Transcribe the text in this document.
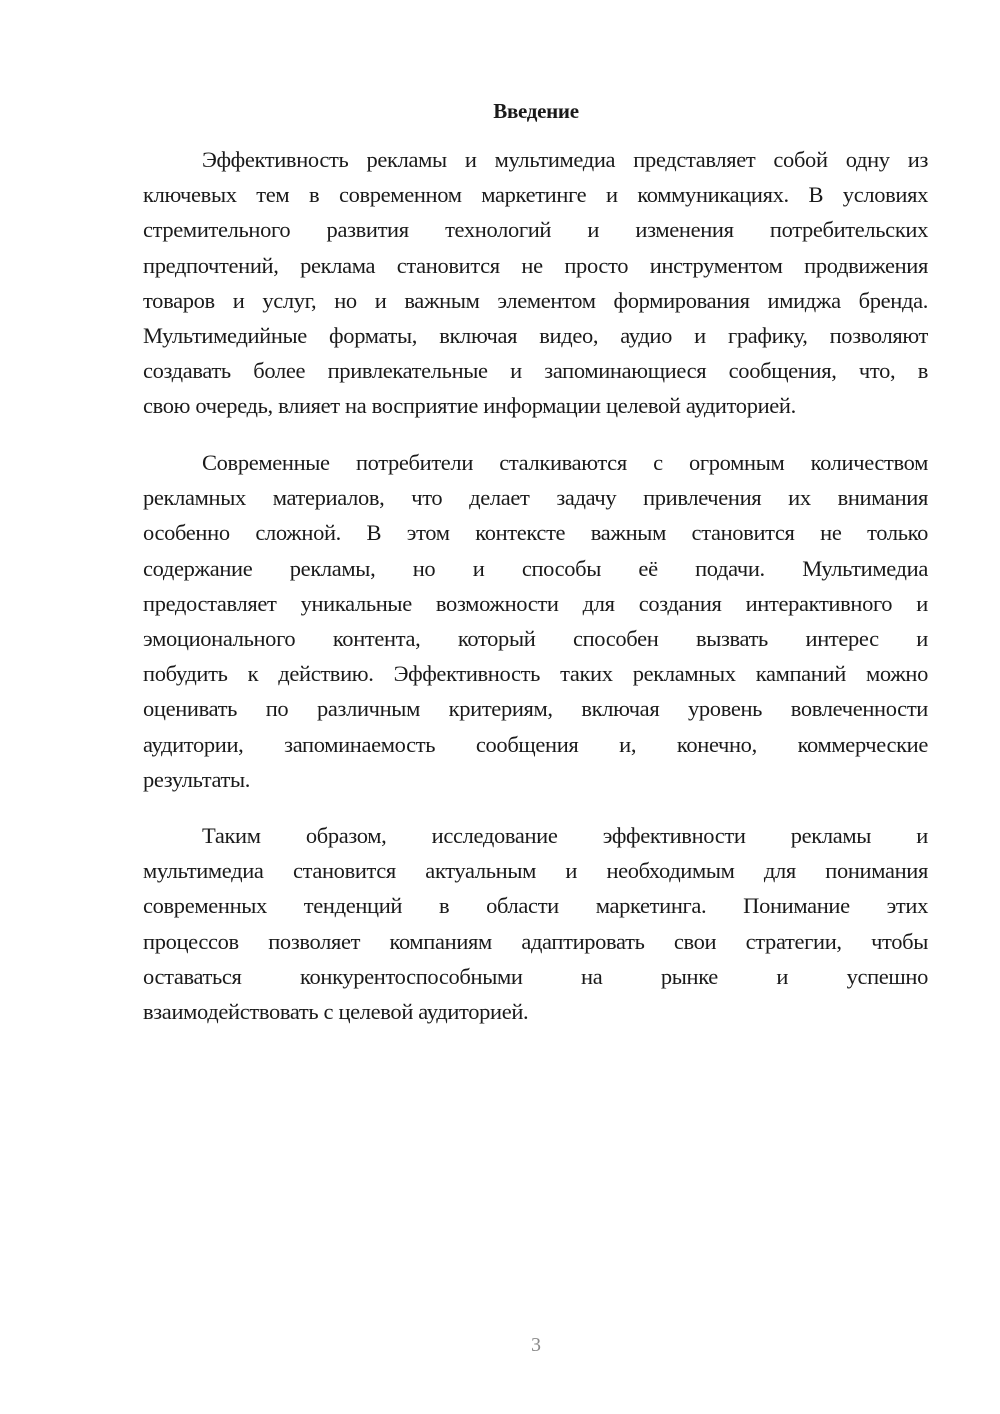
Введение
Эффективность рекламы и мультимедиа представляет собой одну из
ключевых тем в современном маркетинге и коммуникациях. В условиях
стремительного развития технологий и изменения потребительских
предпочтений, реклама становится не просто инструментом продвижения
товаров и услуг, но и важным элементом формирования имиджа бренда.
Мультимедийные форматы, включая видео, аудио и графику, позволяют
создавать более привлекательные и запоминающиеся сообщения, что, в
свою очередь, влияет на восприятие информации целевой аудиторией.
Современные потребители сталкиваются с огромным количеством
рекламных материалов, что делает задачу привлечения их внимания
особенно сложной. В этом контексте важным становится не только
содержание рекламы, но и способы её подачи. Мультимедиа
предоставляет уникальные возможности для создания интерактивного и
эмоционального контента, который способен вызвать интерес и
побудить к действию. Эффективность таких рекламных кампаний можно
оценивать по различным критериям, включая уровень вовлеченности
аудитории, запоминаемость сообщения и, конечно, коммерческие
результаты.
Таким образом, исследование эффективности рекламы и
мультимедиа становится актуальным и необходимым для понимания
современных тенденций в области маркетинга. Понимание этих
процессов позволяет компаниям адаптировать свои стратегии, чтобы
оставаться конкурентоспособными на рынке и успешно
взаимодействовать с целевой аудиторией.
3
